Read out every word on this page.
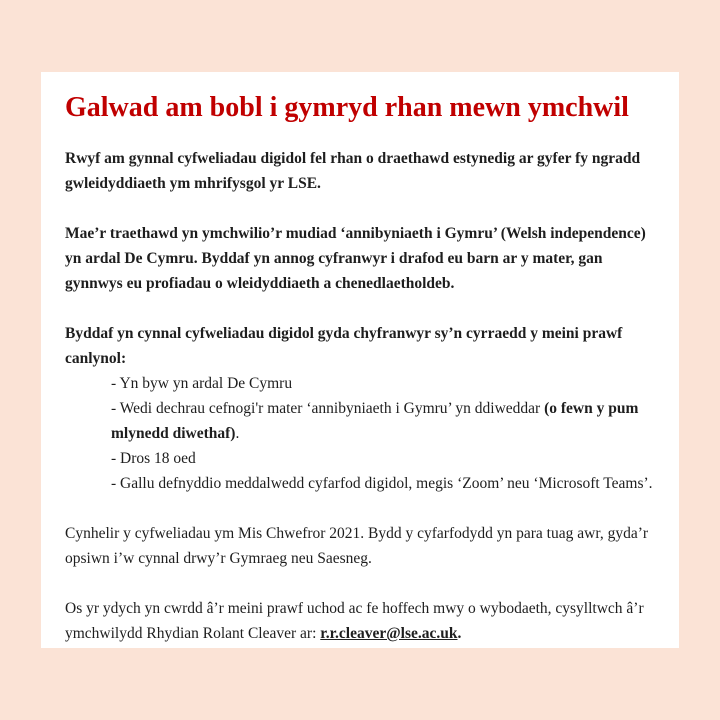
Galwad am bobl i gymryd rhan mewn ymchwil

Rwyf am gynnal cyfweliadau digidol fel rhan o draethawd estynedig ar gyfer fy ngradd gwleidyddiaeth ym mhrifysgol yr LSE.

Mae’r traethawd yn ymchwilio’r mudiad ‘annibyniaeth i Gymru’ (Welsh independence) yn ardal De Cymru. Byddaf yn annog cyfranwyr i drafod eu barn ar y mater, gan gynnwys eu profiadau o wleidyddiaeth a chenedlaetholdeb.

Byddaf yn cynnal cyfweliadau digidol gyda chyfranwyr sy’n cyrraedd y meini prawf canlynol:

- Yn byw yn ardal De Cymru
- Wedi dechrau cefnogi'r mater ‘annibyniaeth i Gymru’ yn ddiweddar (o fewn y pum mlynedd diwethaf).
- Dros 18 oed
- Gallu defnyddio meddalwedd cyfarfod digidol, megis ‘Zoom’ neu ‘Microsoft Teams’.

Cynhelir y cyfweliadau ym Mis Chwefror 2021. Bydd y cyfarfodydd yn para tuag awr, gyda’r opsiwn i’w cynnal drwy’r Gymraeg neu Saesneg.

Os yr ydych yn cwrdd â’r meini prawf uchod ac fe hoffech mwy o wybodaeth, cysylltwch â’r ymchwilydd Rhydian Rolant Cleaver ar: r.r.cleaver@lse.ac.uk.
